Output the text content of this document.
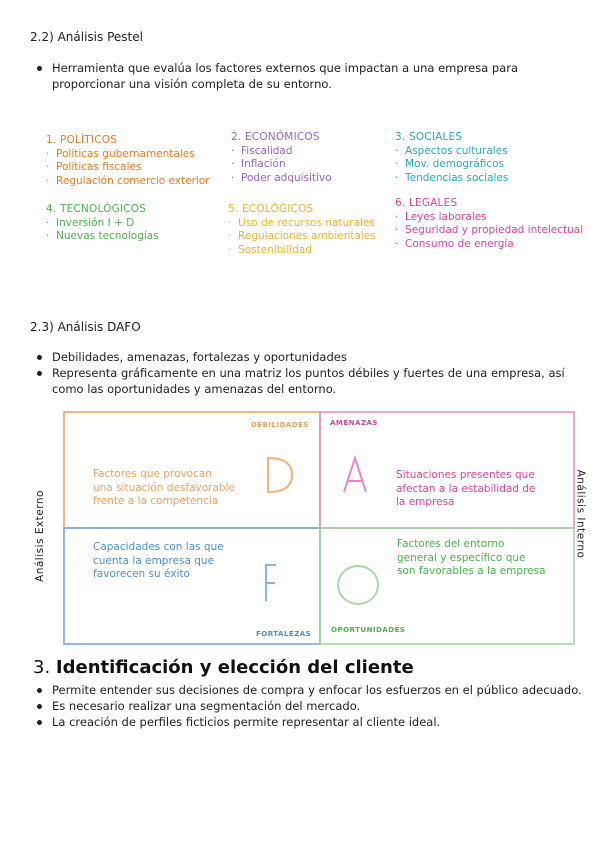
2.2) Análisis Pestel
Herramienta que evalúa los factores externos que impactan a una empresa para
proporcionar una visión completa de su entorno.
1. POLÍTICOS
· Políticas gubernamentales
· Políticas fiscales
· Regulación comercio exterior
2. ECONÓMICOS
· Fiscalidad
· Inflación
· Poder adquisitivo
3. SOCIALES
· Aspectos culturales
· Mov. demográficos
· Tendencias sociales
4. TECNOLÓGICOS
· Inversión I + D
· Nuevas tecnologías
5. ECOLÓGICOS
· Uso de recursos naturales
· Regulaciones ambientales
· Sostenibilidad
6. LEGALES
· Leyes laborales
· Seguridad y propiedad intelectual
· Consumo de energía
2.3) Análisis DAFO
Debilidades, amenazas, fortalezas y oportunidades
Representa gráficamente en una matriz los puntos débiles y fuertes de una empresa, así
como las oportunidades y amenazas del entorno.
DEBILIDADES	AMENAZAS
FORTALEZAS	OPORTUNIDADES
Factores que provocan
una situación desfavorable
frente a la competencia
Situaciones presentes que
afectan a la estabilidad de
la empresa
Capacidades con las que
cuenta la empresa que
favorecen su éxito
Factores del entorno
general y específico que
son favorables a la empresa
Análisis Externo	Análisis Interno
3. Identificación y elección del cliente
Permite entender sus decisiones de compra y enfocar los esfuerzos en el público adecuado.
Es necesario realizar una segmentación del mercado.
La creación de perfiles ficticios permite representar al cliente ideal.
